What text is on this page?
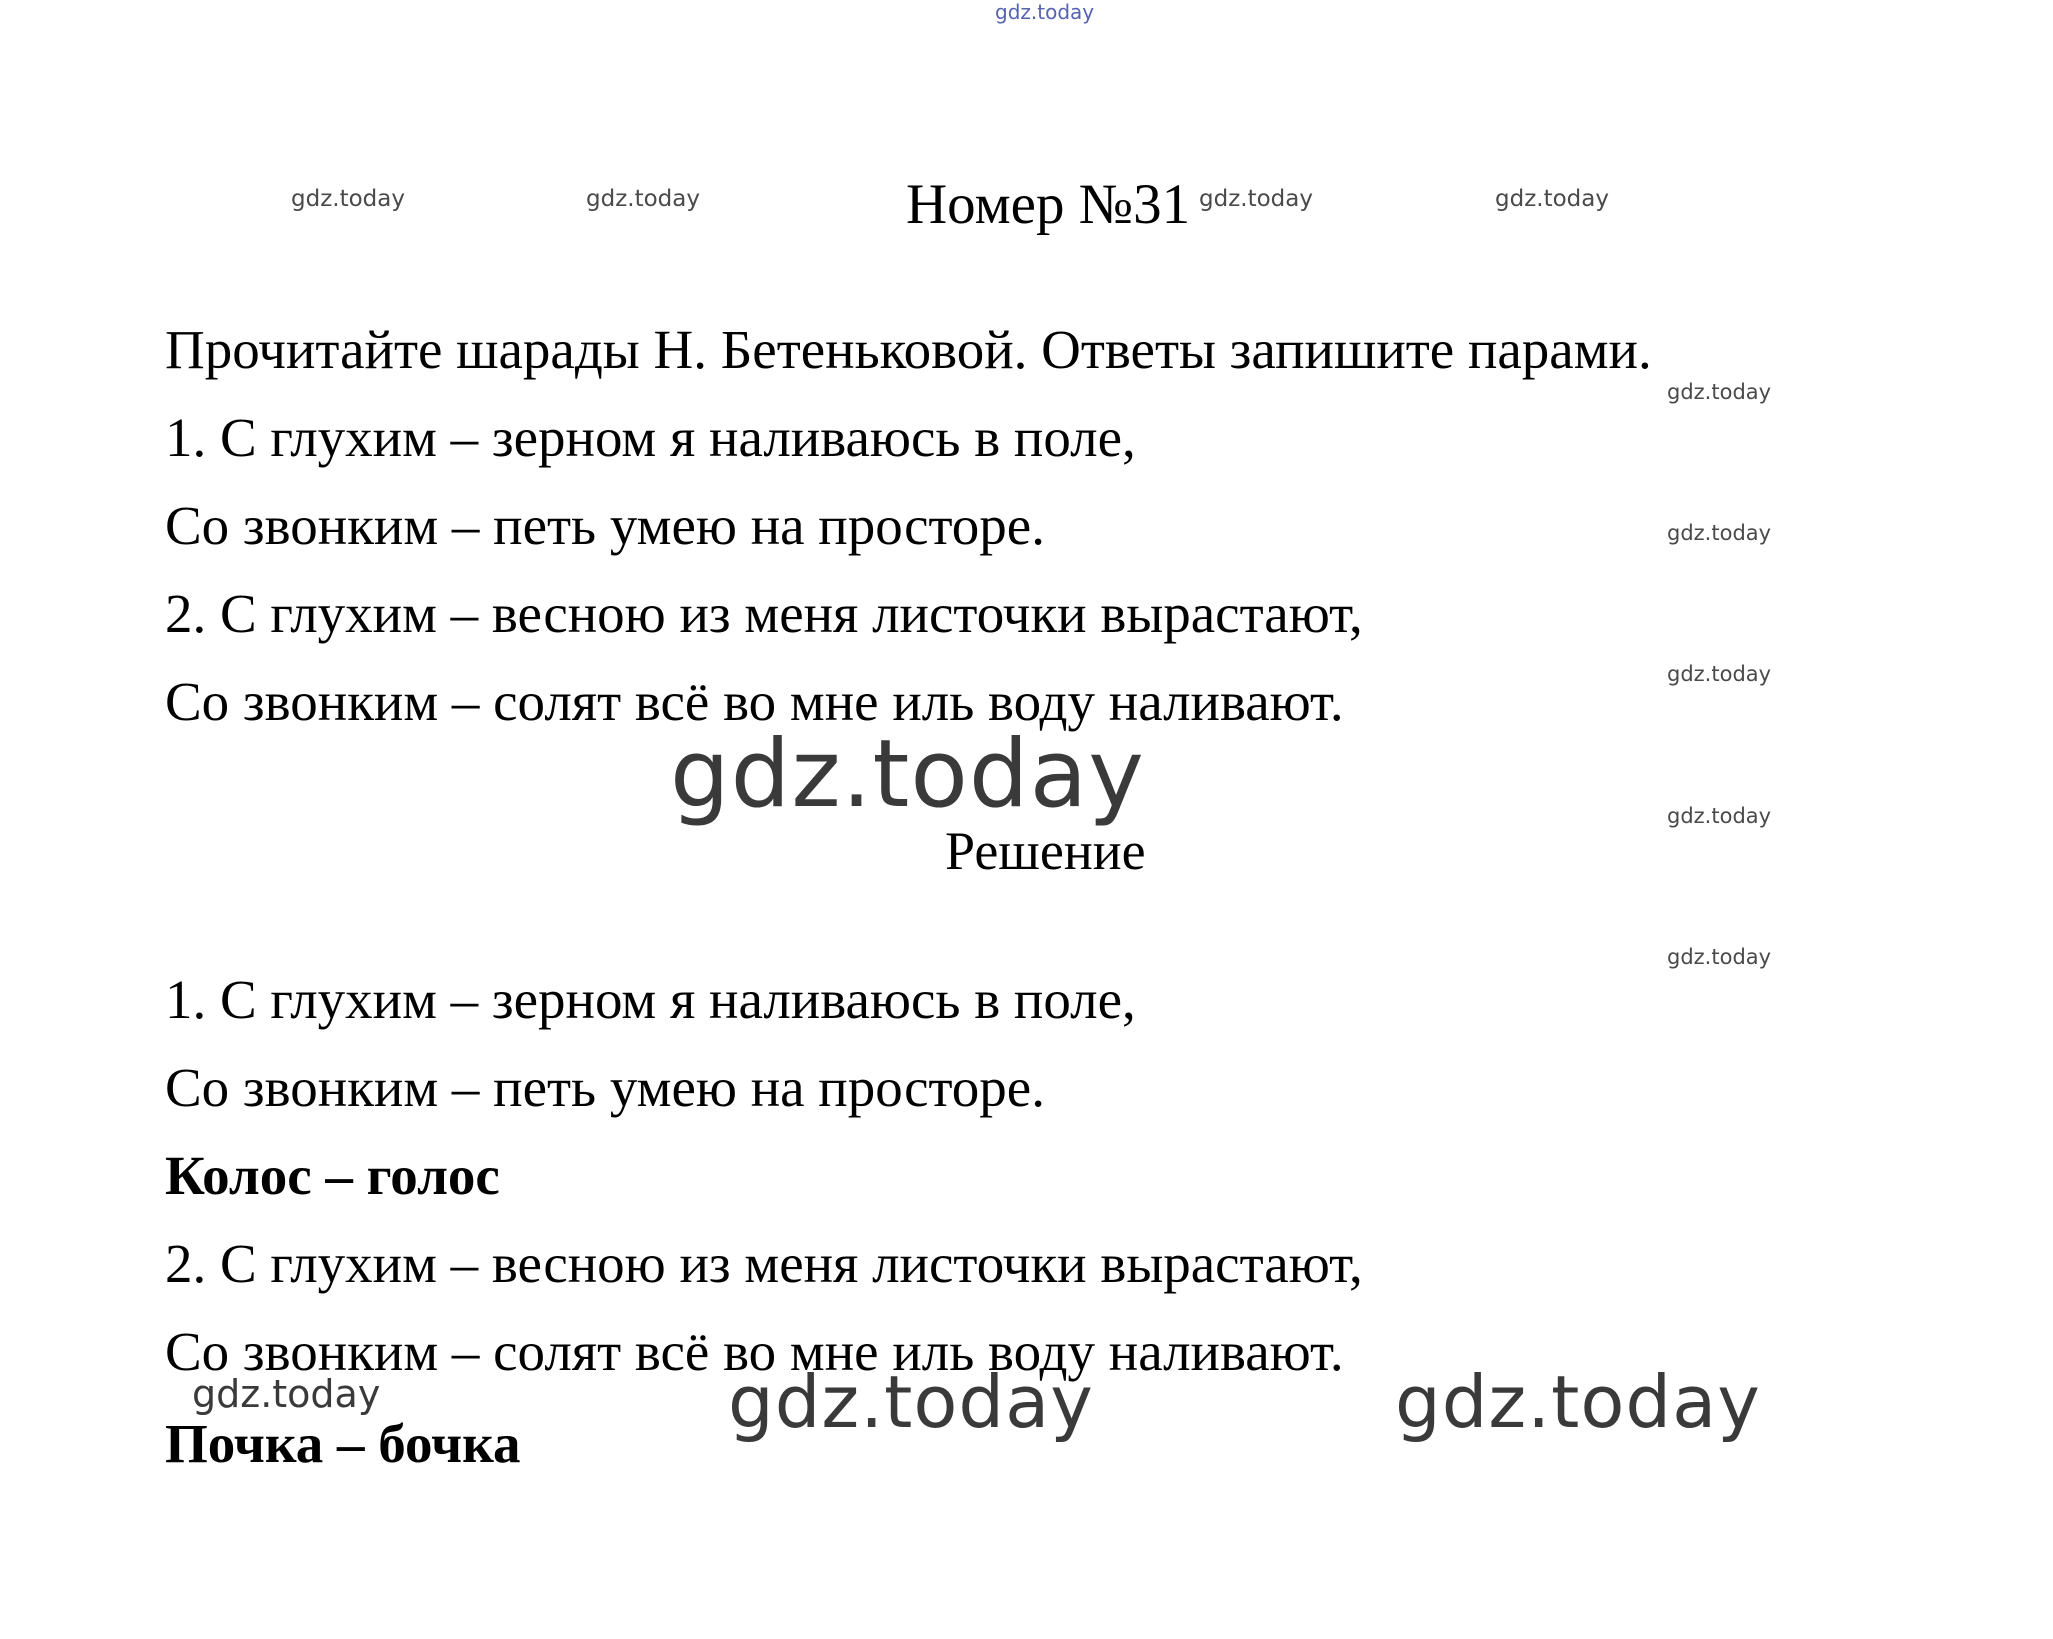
gdz.today
gdz.today	gdz.today	gdz.today	gdz.today
Номер №31
Прочитайте шарады Н. Бетеньковой. Ответы запишите парами.
1. С глухим – зерном я наливаюсь в поле,
Со звонким – петь умею на просторе.
2. С глухим – весною из меня листочки вырастают,
Со звонким – солят всё во мне иль воду наливают.
gdz.today
gdz.today
gdz.today
gdz.today
gdz.today
gdz.today
Решение
1. С глухим – зерном я наливаюсь в поле,
Со звонким – петь умею на просторе.
Колос – голос
2. С глухим – весною из меня листочки вырастают,
Со звонким – солят всё во мне иль воду наливают.
Почка – бочка
gdz.today	gdz.today	gdz.today
